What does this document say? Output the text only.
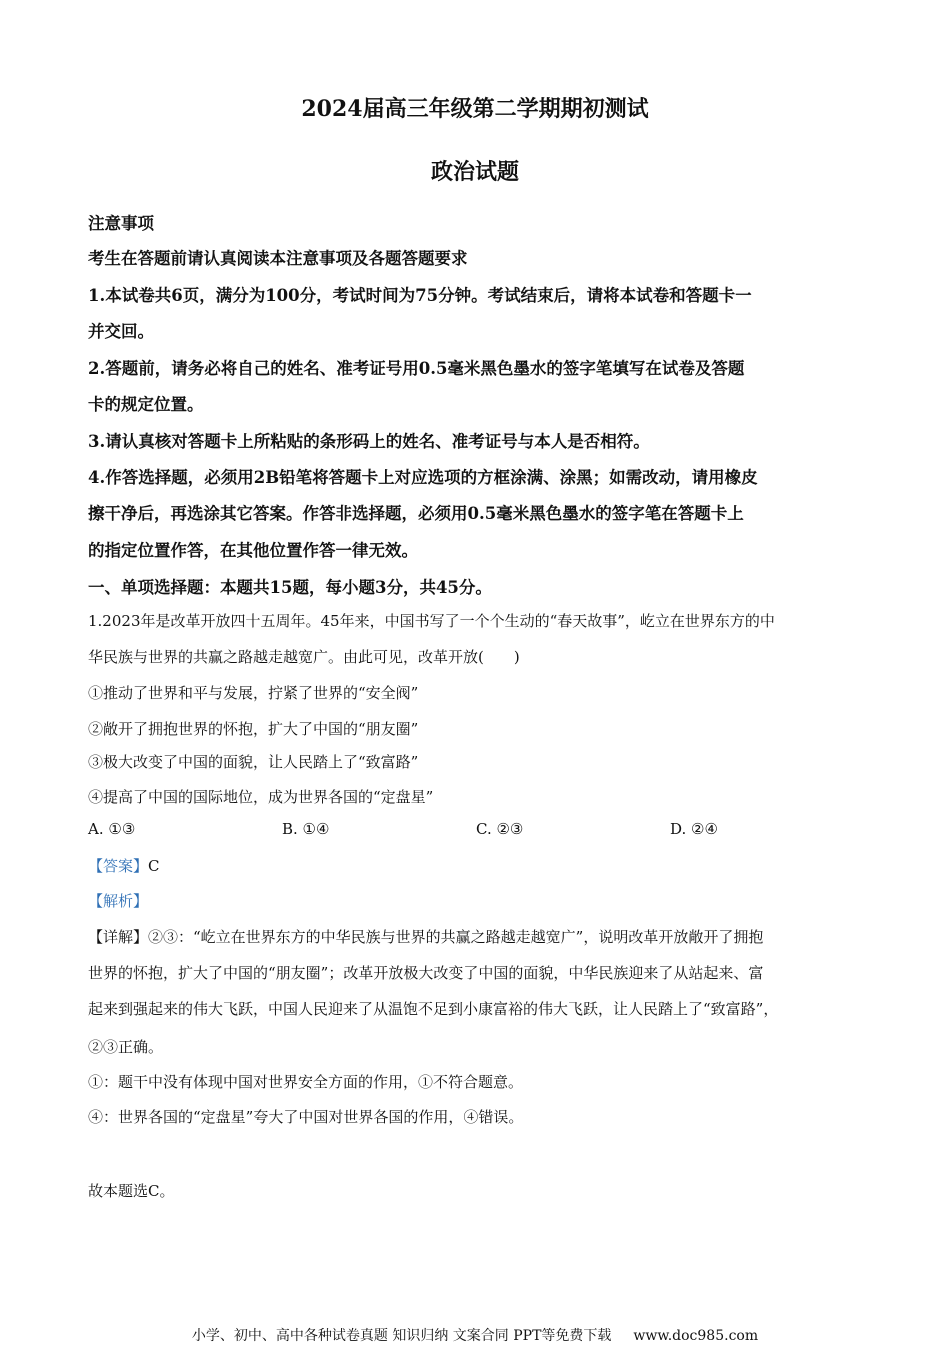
2024届高三年级第二学期期初测试
政治试题
注意事项
考生在答题前请认真阅读本注意事项及各题答题要求
1.本试卷共6页，满分为100分，考试时间为75分钟。考试结束后，请将本试卷和答题卡一
并交回。
2.答题前，请务必将自己的姓名、准考证号用0.5毫米黑色墨水的签字笔填写在试卷及答题
卡的规定位置。
3.请认真核对答题卡上所粘贴的条形码上的姓名、准考证号与本人是否相符。
4.作答选择题，必须用2B铅笔将答题卡上对应选项的方框涂满、涂黑；如需改动，请用橡皮
擦干净后，再选涂其它答案。作答非选择题，必须用0.5毫米黑色墨水的签字笔在答题卡上
的指定位置作答，在其他位置作答一律无效。
一、单项选择题：本题共15题，每小题3分，共45分。
1.2023年是改革开放四十五周年。45年来，中国书写了一个个生动的“春天故事”，屹立在世界东方的中
华民族与世界的共赢之路越走越宽广。由此可见，改革开放(　　)
①推动了世界和平与发展，拧紧了世界的“安全阀”
②敞开了拥抱世界的怀抱，扩大了中国的“朋友圈”
③极大改变了中国的面貌，让人民踏上了“致富路”
④提高了中国的国际地位，成为世界各国的“定盘星”
A. ①③	B. ①④	C. ②③	D. ②④
【答案】C
【解析】
【详解】②③：“屹立在世界东方的中华民族与世界的共赢之路越走越宽广”，说明改革开放敞开了拥抱
世界的怀抱，扩大了中国的“朋友圈”；改革开放极大改变了中国的面貌，中华民族迎来了从站起来、富
起来到强起来的伟大飞跃，中国人民迎来了从温饱不足到小康富裕的伟大飞跃，让人民踏上了“致富路”，
②③正确。
①：题干中没有体现中国对世界安全方面的作用，①不符合题意。
④：世界各国的“定盘星”夸大了中国对世界各国的作用，④错误。
故本题选C。
小学、初中、高中各种试卷真题 知识归纳 文案合同 PPT等免费下载 www.doc985.com
